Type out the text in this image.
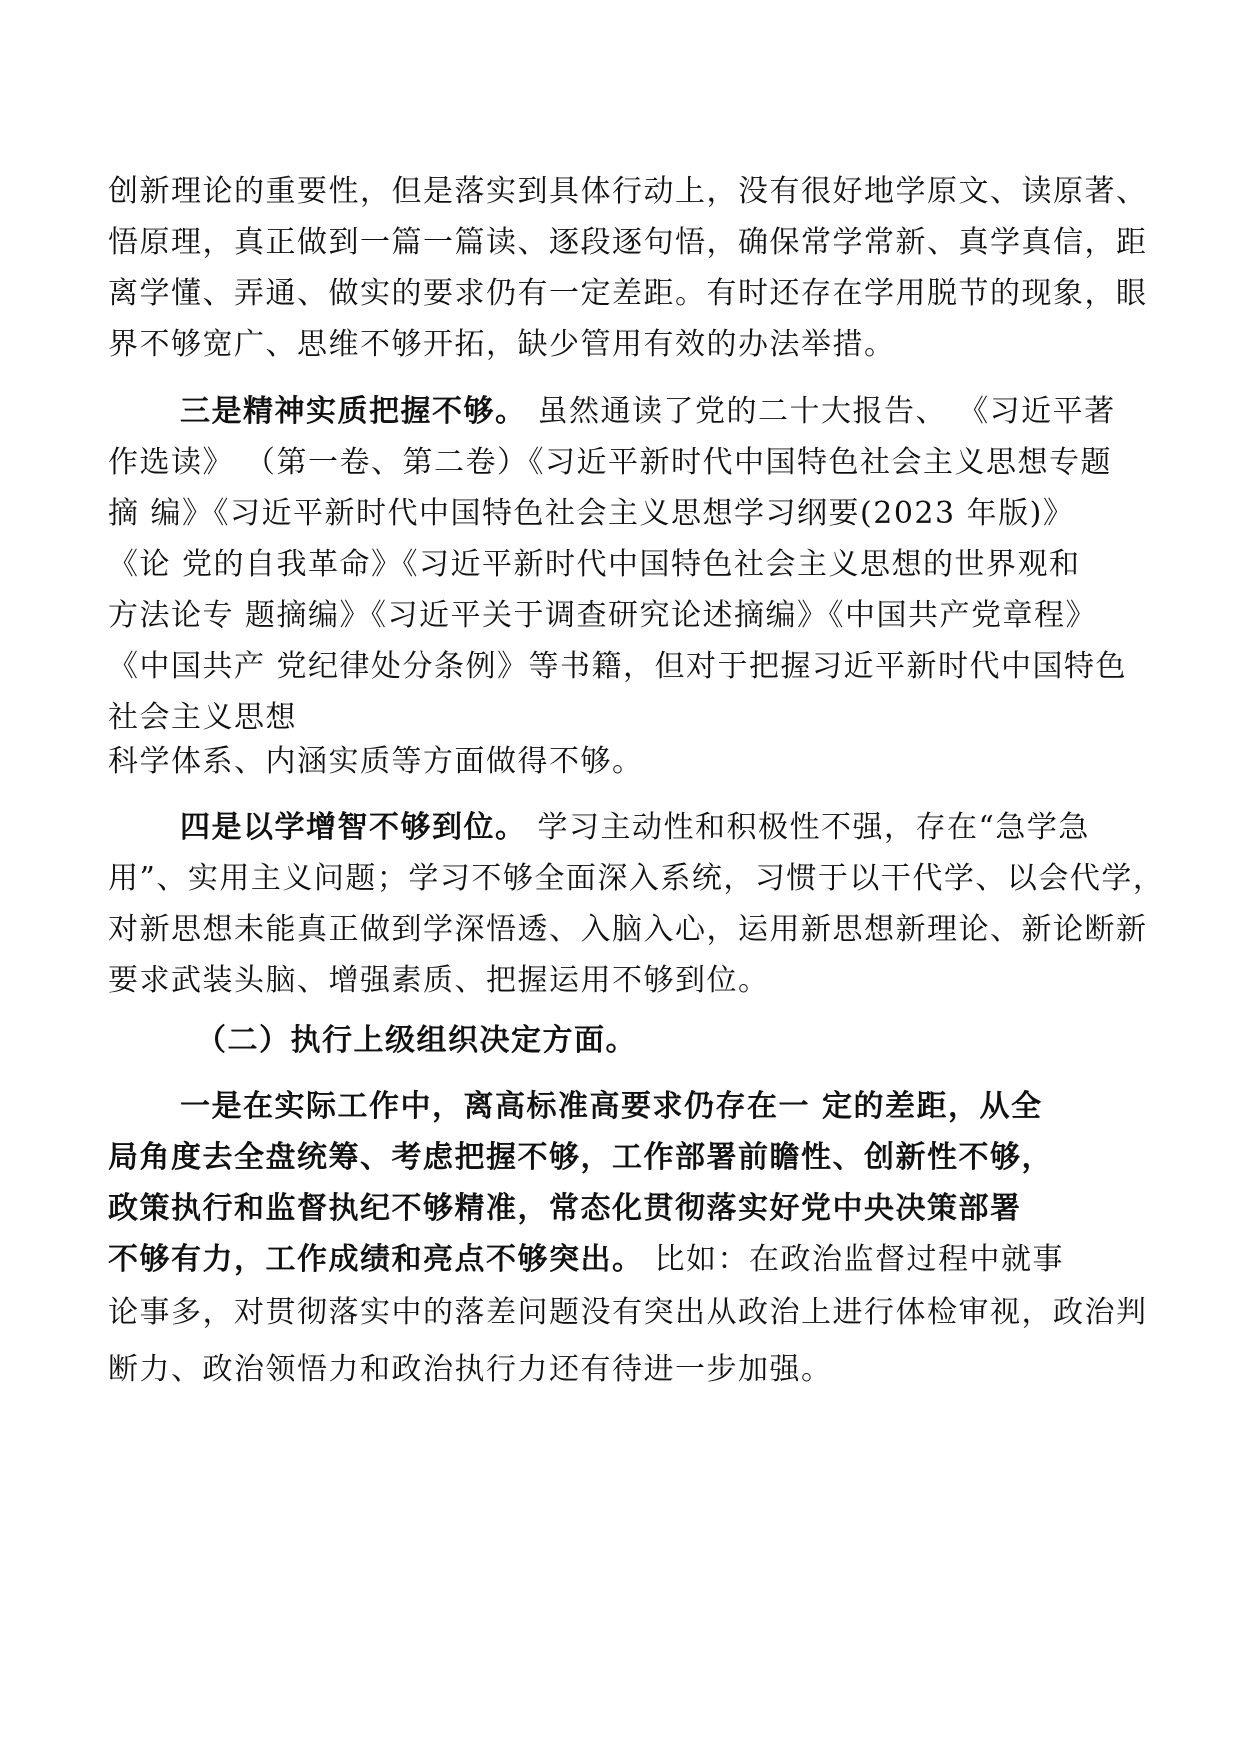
创新理论的重要性，但是落实到具体行动上，没有很好地学原文、读原著、
悟原理，真正做到一篇一篇读、逐段逐句悟，确保常学常新、真学真信，距
离学懂、弄通、做实的要求仍有一定差距。有时还存在学用脱节的现象，眼
界不够宽广、思维不够开拓，缺少管用有效的办法举措。
三是精神实质把握不够。 虽然通读了党的二十大报告、 《习近平著
作选读》 （第一卷、第二卷）《习近平新时代中国特色社会主义思想专题
摘 编》《习近平新时代中国特色社会主义思想学习纲要(2023 年版)》
《论 党的自我革命》《习近平新时代中国特色社会主义思想的世界观和
方法论专 题摘编》《习近平关于调查研究论述摘编》《中国共产党章程》
《中国共产 党纪律处分条例》等书籍，但对于把握习近平新时代中国特色
社会主义思想
科学体系、内涵实质等方面做得不够。
四是以学增智不够到位。 学习主动性和积极性不强，存在“急学急
用”、实用主义问题；学习不够全面深入系统，习惯于以干代学、以会代学，
对新思想未能真正做到学深悟透、入脑入心，运用新思想新理论、新论断新
要求武装头脑、增强素质、把握运用不够到位。
（二）执行上级组织决定方面。
一是在实际工作中，离高标准高要求仍存在一 定的差距，从全
局角度去全盘统筹、考虑把握不够，工作部署前瞻性、创新性不够，
政策执行和监督执纪不够精准，常态化贯彻落实好党中央决策部署
不够有力，工作成绩和亮点不够突出。 比如：在政治监督过程中就事
论事多，对贯彻落实中的落差问题没有突出从政治上进行体检审视，政治判
断力、政治领悟力和政治执行力还有待进一步加强。
